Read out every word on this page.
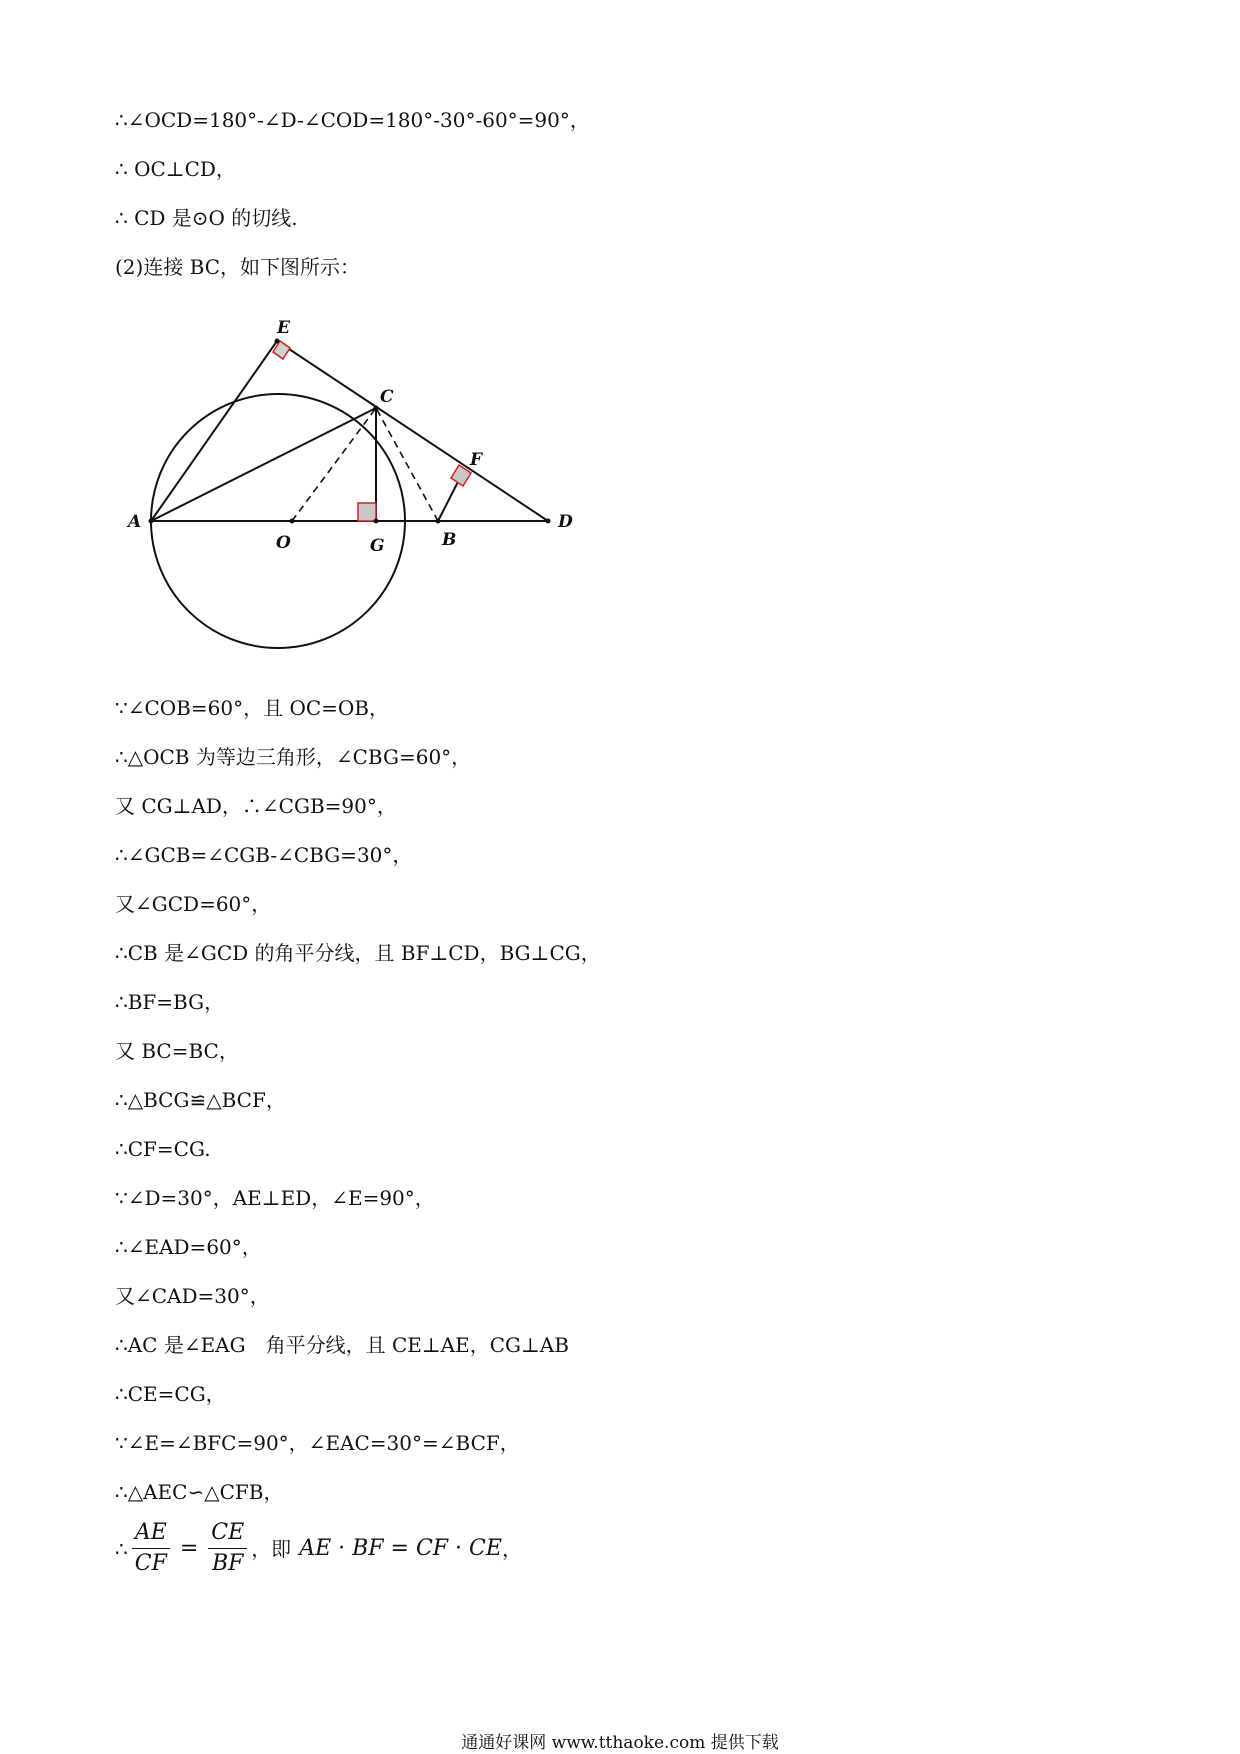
∴∠OCD=180°-∠D-∠COD=180°-30°-60°=90°，
∴ OC⊥CD，
∴ CD 是⊙O 的切线.
(2)连接 BC，如下图所示：
E
C
F
A
O	G	B
D
∵∠COB=60°，且 OC=OB，
∴△OCB 为等边三角形，∠CBG=60°，
又 CG⊥AD，∴∠CGB=90°，
∴∠GCB=∠CGB-∠CBG=30°，
又∠GCD=60°，
∴CB 是∠GCD 的角平分线，且 BF⊥CD，BG⊥CG，
∴BF=BG，
又 BC=BC，
∴△BCG≌△BCF，
∴CF=CG.
∵∠D=30°，AE⊥ED，∠E=90°，
∴∠EAD=60°，
又∠CAD=30°，
∴AC 是∠EAG　角平分线，且 CE⊥AE，CG⊥AB
∴CE=CG，
∵∠E=∠BFC=90°，∠EAC=30°=∠BCF，
∴△AEC∽△CFB，
∴ $\frac{AE}{CF} = \frac{CE}{BF}$ ，即 AE · BF = CF · CE ，
通通好课网 www.tthaoke.com 提供下载
